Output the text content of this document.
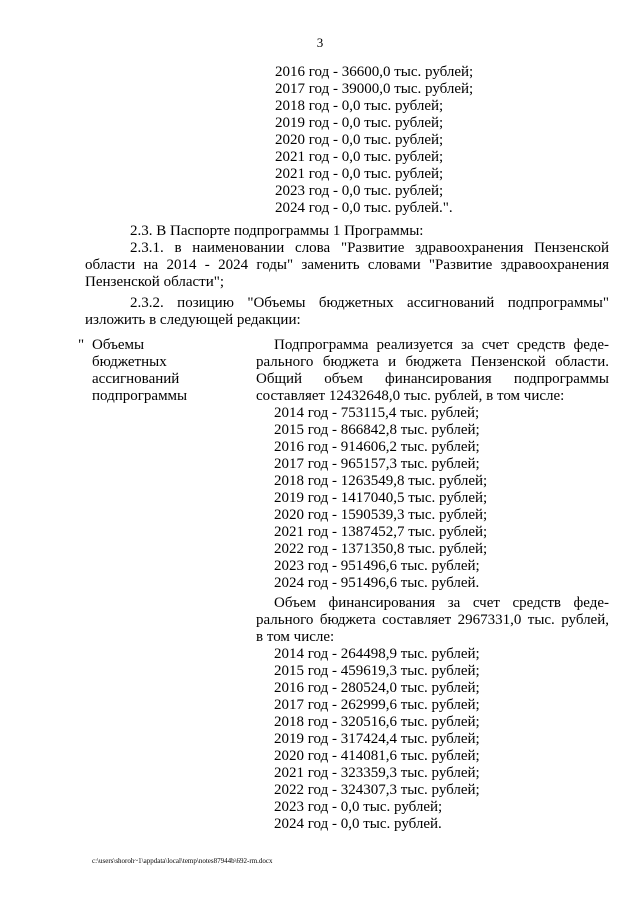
3
2016 год - 36600,0 тыс. рублей;
2017 год - 39000,0 тыс. рублей;
2018 год - 0,0 тыс. рублей;
2019 год - 0,0 тыс. рублей;
2020 год - 0,0 тыс. рублей;
2021 год - 0,0 тыс. рублей;
2021 год - 0,0 тыс. рублей;
2023 год - 0,0 тыс. рублей;
2024 год - 0,0 тыс. рублей.".
2.3. В Паспорте подпрограммы 1 Программы:
2.3.1. в наименовании слова "Развитие здравоохранения Пензенской
области на 2014 - 2024 годы" заменить словами "Развитие здравоохранения
Пензенской области";
2.3.2. позицию "Объемы бюджетных ассигнований подпрограммы"
изложить в следующей редакции:
" Объемы
бюджетных
ассигнований
подпрограммы
Подпрограмма реализуется за счет средств феде-
рального бюджета и бюджета Пензенской области.
Общий объем финансирования подпрограммы
составляет 12432648,0 тыс. рублей, в том числе:
2014 год - 753115,4 тыс. рублей;
2015 год - 866842,8 тыс. рублей;
2016 год - 914606,2 тыс. рублей;
2017 год - 965157,3 тыс. рублей;
2018 год - 1263549,8 тыс. рублей;
2019 год - 1417040,5 тыс. рублей;
2020 год - 1590539,3 тыс. рублей;
2021 год - 1387452,7 тыс. рублей;
2022 год - 1371350,8 тыс. рублей;
2023 год - 951496,6 тыс. рублей;
2024 год - 951496,6 тыс. рублей.
Объем финансирования за счет средств феде-
рального бюджета составляет 2967331,0 тыс. рублей,
в том числе:
2014 год - 264498,9 тыс. рублей;
2015 год - 459619,3 тыс. рублей;
2016 год - 280524,0 тыс. рублей;
2017 год - 262999,6 тыс. рублей;
2018 год - 320516,6 тыс. рублей;
2019 год - 317424,4 тыс. рублей;
2020 год - 414081,6 тыс. рублей;
2021 год - 323359,3 тыс. рублей;
2022 год - 324307,3 тыс. рублей;
2023 год - 0,0 тыс. рублей;
2024 год - 0,0 тыс. рублей.
c:\users\shoroh~1\appdata\local\temp\notes87944b\692-rm.docx
